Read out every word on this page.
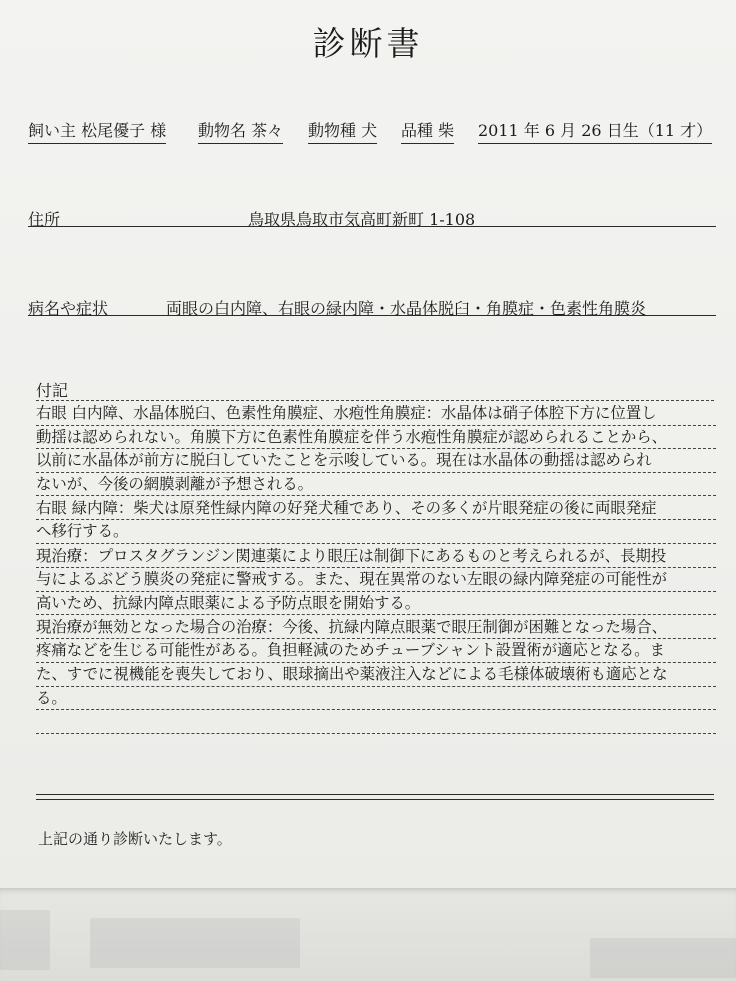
診断書
飼い主 松尾優子 様 動物名 茶々 動物種 犬 品種 柴 2011 年 6 月 26 日生（11 才）
住所	鳥取県鳥取市気高町新町 1-108
病名や症状	両眼の白内障、右眼の緑内障・水晶体脱臼・角膜症・色素性角膜炎
付記
右眼 白内障、水晶体脱臼、色素性角膜症、水疱性角膜症：水晶体は硝子体腔下方に位置し
動揺は認められない。角膜下方に色素性角膜症を伴う水疱性角膜症が認められることから、
以前に水晶体が前方に脱臼していたことを示唆している。現在は水晶体の動揺は認められ
ないが、今後の網膜剥離が予想される。
右眼 緑内障：柴犬は原発性緑内障の好発犬種であり、その多くが片眼発症の後に両眼発症
へ移行する。
現治療：プロスタグランジン関連薬により眼圧は制御下にあるものと考えられるが、長期投
与によるぶどう膜炎の発症に警戒する。また、現在異常のない左眼の緑内障発症の可能性が
高いため、抗緑内障点眼薬による予防点眼を開始する。
現治療が無効となった場合の治療：今後、抗緑内障点眼薬で眼圧制御が困難となった場合、
疼痛などを生じる可能性がある。負担軽減のためチューブシャント設置術が適応となる。ま
た、すでに視機能を喪失しており、眼球摘出や薬液注入などによる毛様体破壊術も適応とな
る。
上記の通り診断いたします。
